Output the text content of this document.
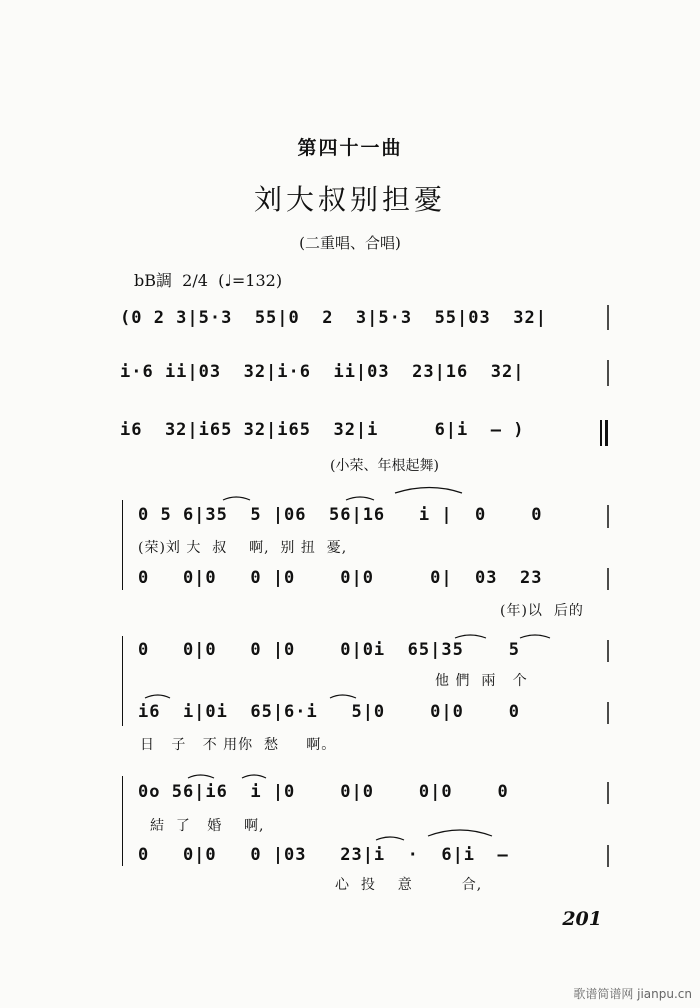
第四十一曲
刘大叔别担憂
(二重唱、合唱)
bB調  2/4  (♩=132)
(0 2 3|5·3  55|0  2  3|5·3  55|03  32|
i·6 ii|03  32|i·6  ii|03  23|16  32|
i6  32|i65 32|i65  32|i     6|i  — )
(小荣、年根起舞)
0 5 6|35  5 |06  56|16   i |  0    0
(荣)刘 大  叔    啊,  别 扭  憂,
0   0|0   0 |0    0|0     0|  03  23
(年)以  后的
0   0|0   0 |0    0|0i  65|35    5
他 們  兩   个
i6  i|0i  65|6·i   5|0    0|0    0
日   子   不 用你  愁     啊。
0o 56|i6  i |0    0|0    0|0    0
結  了   婚    啊,
0   0|0   0 |03   23|i  ·  6|i  —
心  投    意         合,
201
歌谱简谱网 jianpu.cn
